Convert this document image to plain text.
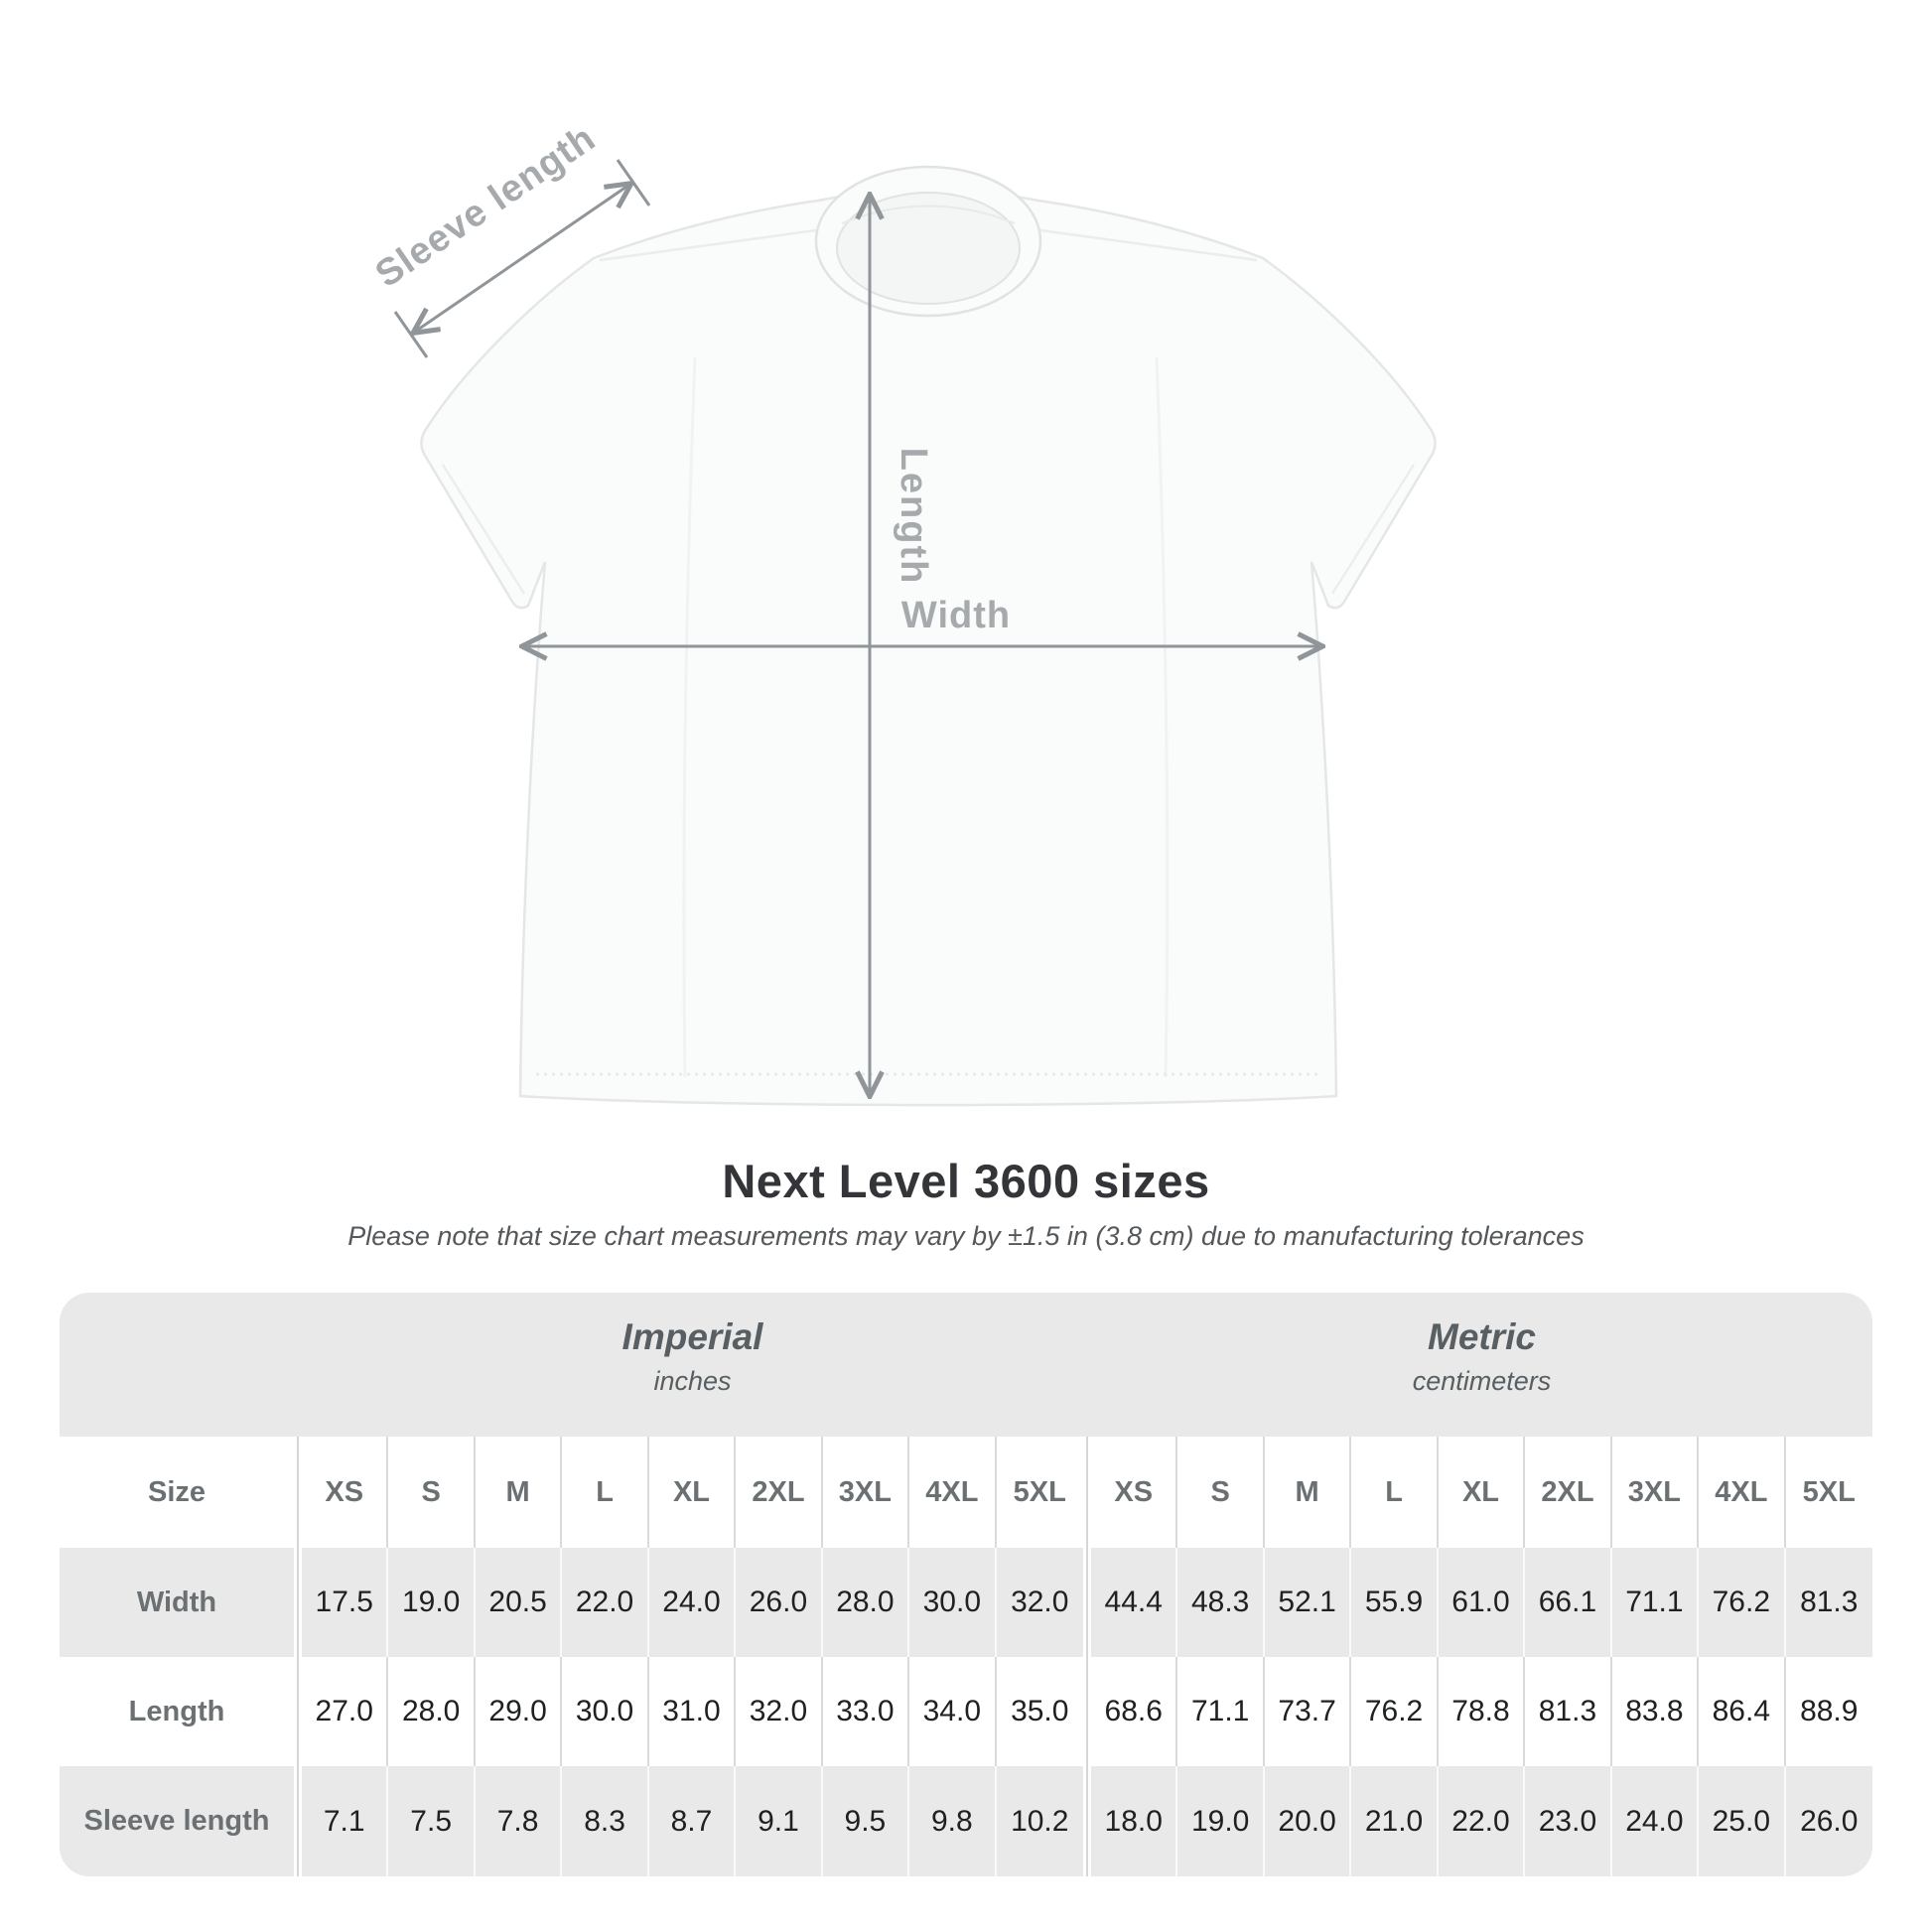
Sleeve length
Length
Width
Next Level 3600 sizes
Please note that size chart measurements may vary by ±1.5 in (3.8 cm) due to manufacturing tolerances
Imperial
inches
Metric
centimeters
Size	XS	S	M	L	XL	2XL	3XL	4XL	5XL	XS	S	M	L	XL	2XL	3XL	4XL	5XL
Width	17.5 19.0 20.5 22.0 24.0 26.0 28.0 30.0	32.0	44.4 48.3 52.1 55.9 61.0 66.1 71.1 76.2	81.3
Length	27.0 28.0 29.0 30.0 31.0 32.0 33.0 34.0	35.0	68.6 71.1 73.7 76.2 78.8 81.3 83.8 86.4	88.9
Sleeve length	7.1	7.5	7.8	8.3	8.7	9.1	9.5	9.8	10.2	18.0 19.0 20.0 21.0 22.0 23.0 24.0 25.0	26.0
